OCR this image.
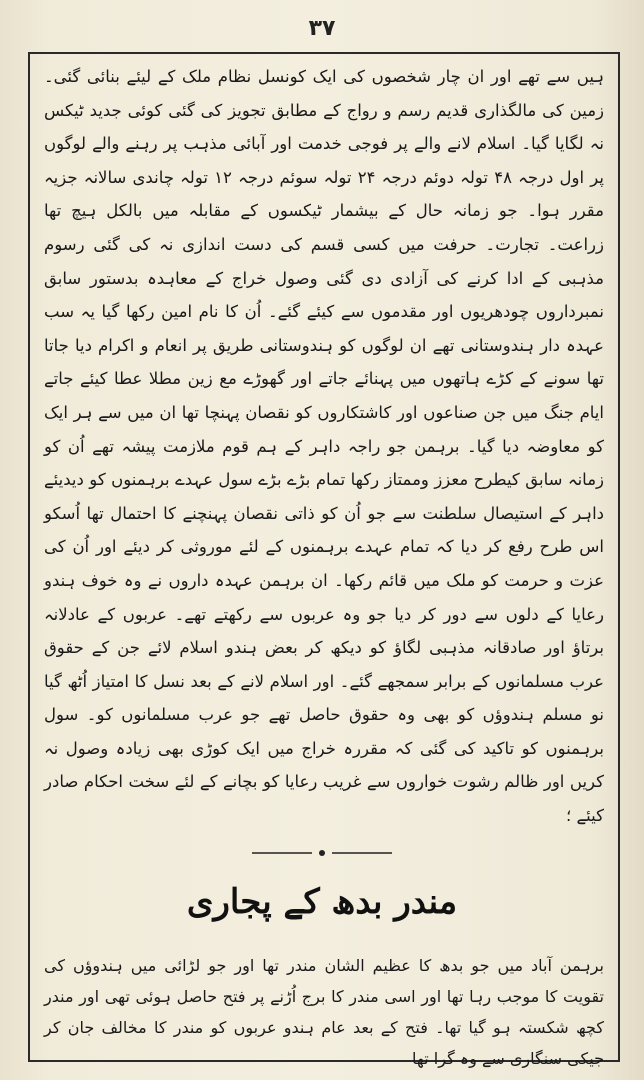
۳۷

ہیں سے تھے اور ان چار شخصوں کی ایک کونسل نظام ملک کے لیئے بنائی گئی۔ زمین کی مالگذاری قدیم رسم و رواج کے مطابق تجویز کی گئی کوئی جدید ٹیکس نہ لگایا گیا۔ اسلام لانے والے پر فوجی خدمت اور آبائی مذہب پر رہنے والے لوگوں پر اول درجہ ۴۸ تولہ دوئم درجہ ۲۴ تولہ سوئم درجہ ۱۲ تولہ چاندی سالانہ جزیہ مقرر ہوا۔ جو زمانہ حال کے بیشمار ٹیکسوں کے مقابلہ میں بالکل ہیچ تھا زراعت۔ تجارت۔ حرفت میں کسی قسم کی دست اندازی نہ کی گئی رسوم مذہبی کے ادا کرنے کی آزادی دی گئی وصول خراج کے معاہدہ بدستور سابق نمبرداروں چودھریوں اور مقدموں سے کیئے گئے۔ اُن کا نام امین رکھا گیا یہ سب عہدہ دار ہندوستانی تھے ان لوگوں کو ہندوستانی طریق پر انعام و اکرام دیا جاتا تھا سونے کے کڑے ہاتھوں میں پہنائے جاتے اور گھوڑے مع زین مطلا عطا کیئے جاتے ایام جنگ میں جن صناعوں اور کاشتکاروں کو نقصان پہنچا تھا ان میں سے ہر ایک کو معاوضہ دیا گیا۔ برہمن جو راجہ داہر کے ہم قوم ملازمت پیشہ تھے اُن کو زمانہ سابق کیطرح معزز وممتاز رکھا تمام بڑے بڑے سول عہدے برہمنوں کو دیدیئے داہر کے استیصال سلطنت سے جو اُن کو ذاتی نقصان پہنچنے کا احتمال تھا اُسکو اس طرح رفع کر دیا کہ تمام عہدے برہمنوں کے لئے موروثی کر دیئے اور اُن کی عزت و حرمت کو ملک میں قائم رکھا۔ ان برہمن عہدہ داروں نے وہ خوف ہندو رعایا کے دلوں سے دور کر دیا جو وہ عربوں سے رکھتے تھے۔ عربوں کے عادلانہ برتاؤ اور صادقانہ مذہبی لگاؤ کو دیکھ کر بعض ہندو اسلام لائے جن کے حقوق عرب مسلمانوں کے برابر سمجھے گئے۔ اور اسلام لانے کے بعد نسل کا امتیاز اُٹھ گیا نو مسلم ہندوؤں کو بھی وہ حقوق حاصل تھے جو عرب مسلمانوں کو۔ سول برہمنوں کو تاکید کی گئی کہ مقررہ خراج میں ایک کوڑی بھی زیادہ وصول نہ کریں اور ظالم رشوت خواروں سے غریب رعایا کو بچانے کے لئے سخت احکام صادر کیئے ؛

مندر بدھ کے پجاری

برہمن آباد میں جو بدھ کا عظیم الشان مندر تھا اور جو لڑائی میں ہندوؤں کی تقویت کا موجب رہا تھا اور اسی مندر کا برج اُڑنے پر فتح حاصل ہوئی تھی اور مندر کچھ شکستہ ہو گیا تھا۔ فتح کے بعد عام ہندو عربوں کو مندر کا مخالف جان کر جیکی سنگاری سے وہ گرا تھا
